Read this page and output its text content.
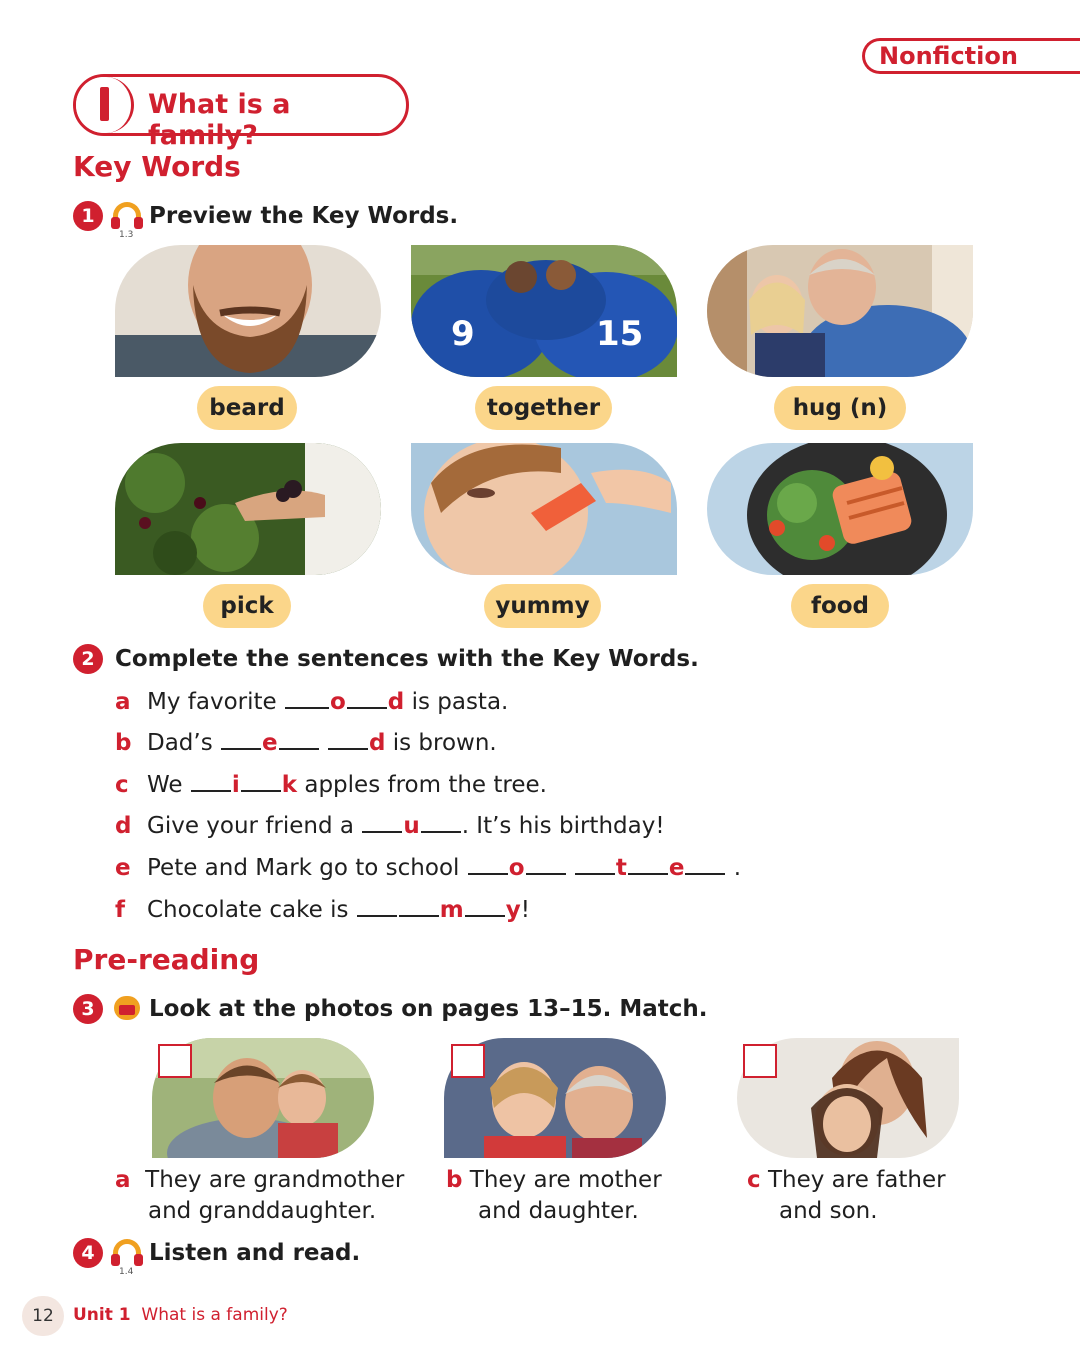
Nonfiction
What is a family?
Key Words
1
1.3
Preview the Key Words.
beard
9	15
together	hug (n)
pick	yummy	food
2 Complete the sentences with the Key Words.
a My favorite o d is pasta.
b Dad’s e	d is brown.
c We i k apples from the tree.
d Give your friend a u . It’s his birthday!
e Pete and Mark go to school o	t e .
f Chocolate cake is	m y!
Pre-reading
3	Look at the photos on pages 13–15. Match.
a They are grandmother
and granddaughter.
b They are mother
and daughter.
c They are father
and son.
4
1.4
Listen and read.
12	Unit 1 What is a family?
